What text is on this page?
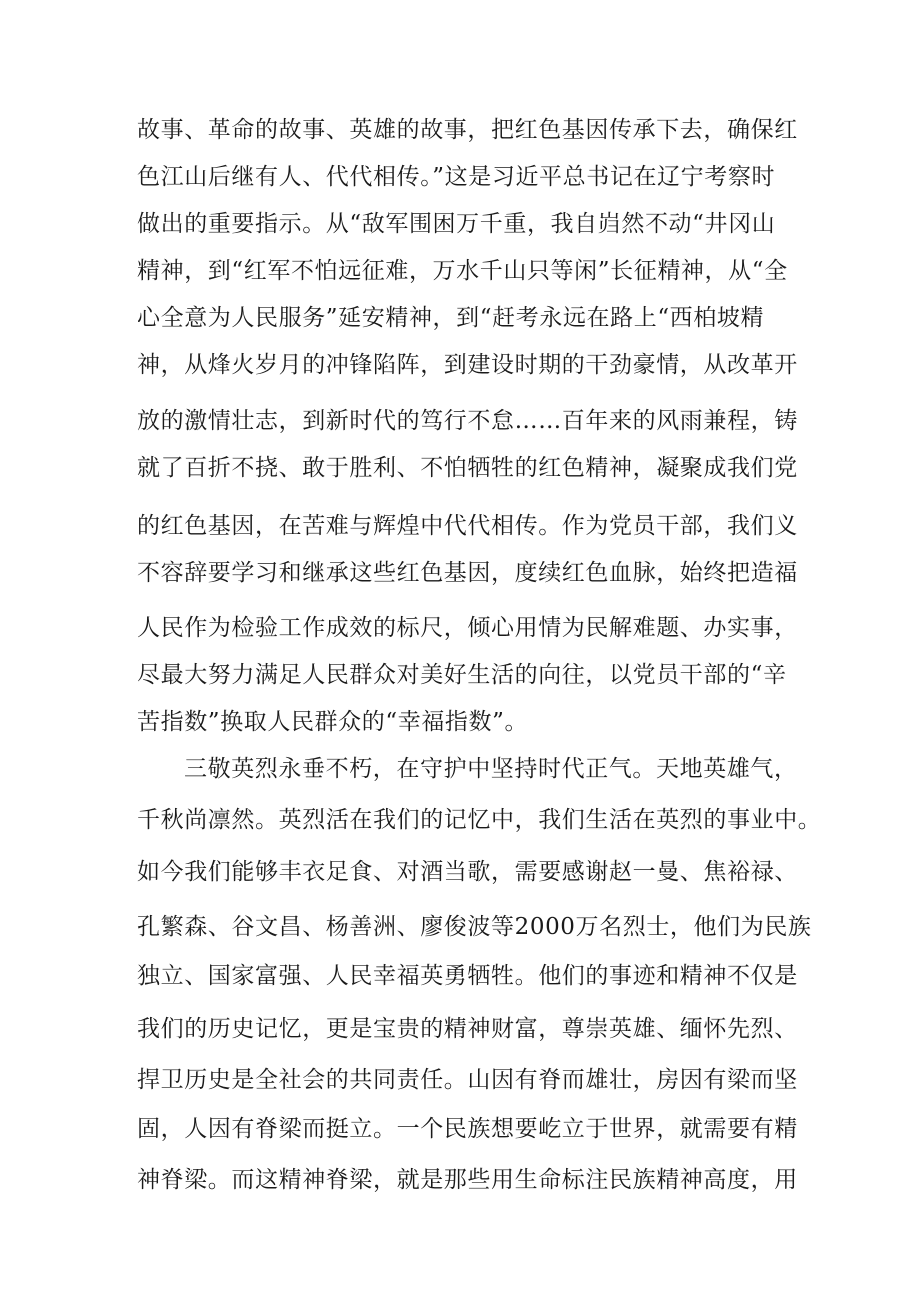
故事、革命的故事、英雄的故事，把红色基因传承下去，确保红
色江山后继有人、代代相传。”这是习近平总书记在辽宁考察时
做出的重要指示。从“敌军围困万千重，我自岿然不动“井冈山
精神，到“红军不怕远征难，万水千山只等闲”长征精神，从“全
心全意为人民服务”延安精神，到“赶考永远在路上“西柏坡精
神，从烽火岁月的冲锋陷阵，到建设时期的干劲豪情，从改革开
放的激情壮志，到新时代的笃行不怠……百年来的风雨兼程，铸
就了百折不挠、敢于胜利、不怕牺牲的红色精神，凝聚成我们党
的红色基因，在苦难与辉煌中代代相传。作为党员干部，我们义
不容辞要学习和继承这些红色基因，度续红色血脉，始终把造福
人民作为检验工作成效的标尺，倾心用情为民解难题、办实事，
尽最大努力满足人民群众对美好生活的向往，以党员干部的“辛
苦指数”换取人民群众的“幸福指数”。
三敬英烈永垂不朽，在守护中坚持时代正气。天地英雄气，
千秋尚凛然。英烈活在我们的记忆中，我们生活在英烈的事业中。
如今我们能够丰衣足食、对酒当歌，需要感谢赵一曼、焦裕禄、
孔繁森、谷文昌、杨善洲、廖俊波等2000万名烈士，他们为民族
独立、国家富强、人民幸福英勇牺牲。他们的事迹和精神不仅是
我们的历史记忆，更是宝贵的精神财富，尊崇英雄、缅怀先烈、
捍卫历史是全社会的共同责任。山因有脊而雄壮，房因有梁而坚
固，人因有脊梁而挺立。一个民族想要屹立于世界，就需要有精
神脊梁。而这精神脊梁，就是那些用生命标注民族精神高度，用
